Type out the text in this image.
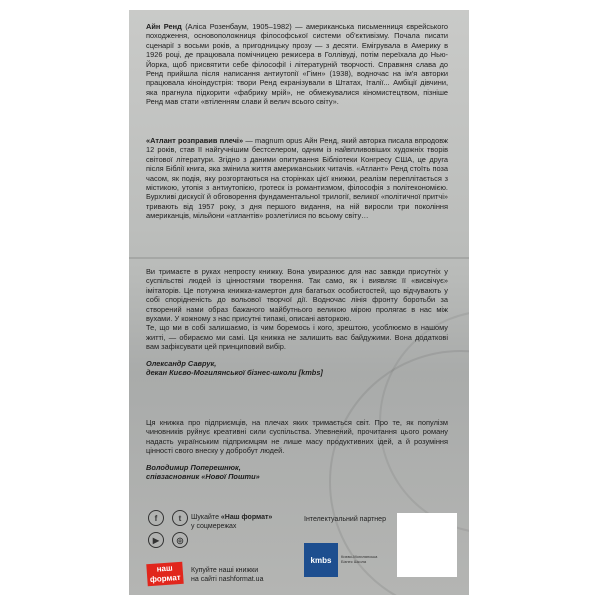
Айн Ренд (Аліса Розенбаум, 1905–1982) — американська письменниця єврейського походження, основоположниця філософської системи об'єктивізму. Почала писати сценарії з восьми років, а пригодницьку прозу — з десяти. Емігрувала в Америку в 1926 році, де працювала помічницею режисера в Голлівуді, потім переїхала до Нью-Йорка, щоб присвятити себе філософії і літературній творчості. Справжня слава до Ренд прийшла після написання антиутопії «Гімн» (1938), водночас на ім'я авторки працювала кіноіндустрія: твори Ренд екранізували в Штатах, Італії... Амбіції дівчини, яка прагнула підкорити «фабрику мрій», не обмежувалися кіномистецтвом, пізніше Ренд мав стати «втіленням слави й велич всього світу».

«Атлант розправив плечі» — magnum opus Айн Ренд, який авторка писала впродовж 12 років, став її найгучнішим бестселером, одним із найвпливовіших художніх творів світової літератури. Згідно з даними опитування Бібліотеки Конгресу США, це друга після Біблії книга, яка змінила життя американських читачів. «Атлант» Ренд стоїть поза часом, як подія, яку розгортаються на сторінках цієї книжки, реалізм переплітається з містикою, утопія з антиутопією, гротеск із романтизмом, філософія з політекономією. Бурхливі дискусії й обговорення фундаментальної трилогії, великої «політичної притчі» тривають від 1957 року, з дня першого видання, на ній виросли три покоління американців, мільйони «атлантів» розлетілися по всьому світу…

Ви тримаєте в руках непросту книжку. Вона увиразнює для нас завжди присутніх у суспільстві людей із цінностями творення. Так само, як і виявляє її «висвічує» імітаторів. Це потужна книжка-камертон для багатьох особистостей, що відчувають у собі спорідненість до вольової творчої дії. Водночас лінія фронту боротьби за створений нами образ бажаного майбутнього великою мірою пролягає в нас між вухами. У кожному з нас присутні типажі, описані авторкою.

Те, що ми в собі залишаємо, із чим боремось і кого, зрештою, усоблюємо в нашому житті, — обираємо ми самі. Ця книжка не залишить вас байдужими. Вона додаткові вам зафіксувати цей принциповий вибір.

Олександр Саврук,

декан Києво-Могилянської бізнес-школи [kmbs]

Ця книжка про підприємців, на плечах яких тримається світ. Про те, як популізм чиновників руйнує креативні сили суспільства. Упевнений, прочитання цього роману надасть українським підприємцям не лише масу продуктивних ідей, а й розуміння цінності свого внеску у добробут людей.

Володимир Поперешнюк,

співзасновник «Нової Пошти»

f	t
▶	◎
Шукайте «Наш формат»
у соцмережах
Інтелектуальний партнер
наш формат
Купуйте наші книжки
на сайті nashformat.ua
kmbs	Києво-Могилянська Бізнес Школа
